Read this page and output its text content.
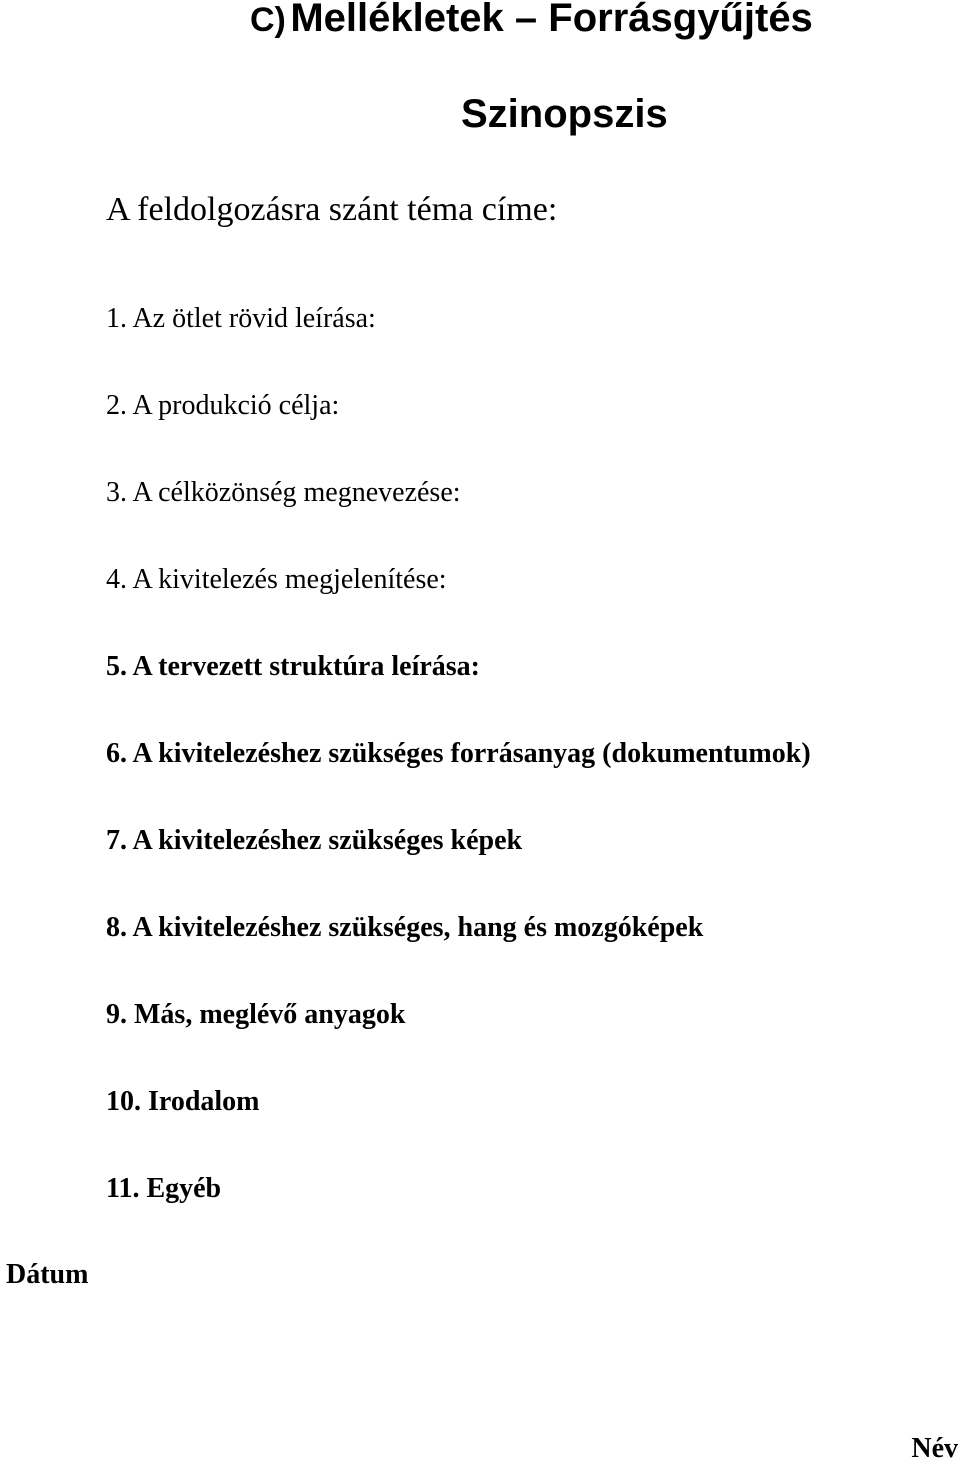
C) Mellékletek – Forrásgyűjtés
Szinopszis
A feldolgozásra szánt téma címe:
1. Az ötlet rövid leírása:
2. A produkció célja:
3. A célközönség megnevezése:
4. A kivitelezés megjelenítése:
5. A tervezett struktúra leírása:
6. A kivitelezéshez szükséges forrásanyag (dokumentumok)
7. A kivitelezéshez szükséges képek
8. A kivitelezéshez szükséges, hang és mozgóképek
9. Más, meglévő anyagok
10. Irodalom
11. Egyéb
Dátum
Név
